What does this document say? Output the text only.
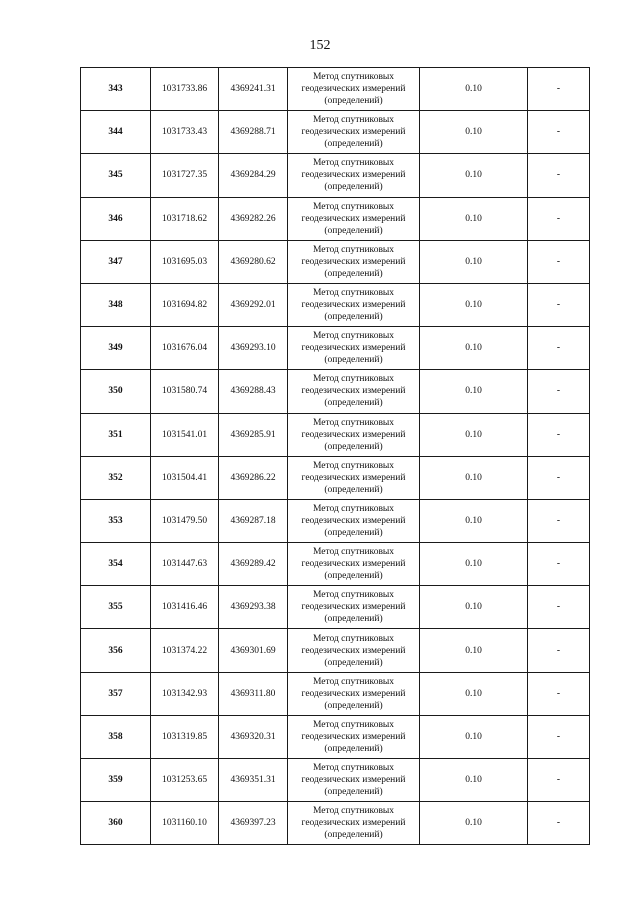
152
343	1031733.86	4369241.31	Метод спутниковых
геодезических измерений
(определений)	0.10	-
344	1031733.43	4369288.71	Метод спутниковых
геодезических измерений
(определений)	0.10	-
345	1031727.35	4369284.29	Метод спутниковых
геодезических измерений
(определений)	0.10	-
346	1031718.62	4369282.26	Метод спутниковых
геодезических измерений
(определений)	0.10	-
347	1031695.03	4369280.62	Метод спутниковых
геодезических измерений
(определений)	0.10	-
348	1031694.82	4369292.01	Метод спутниковых
геодезических измерений
(определений)	0.10	-
349	1031676.04	4369293.10	Метод спутниковых
геодезических измерений
(определений)	0.10	-
350	1031580.74	4369288.43	Метод спутниковых
геодезических измерений
(определений)	0.10	-
351	1031541.01	4369285.91	Метод спутниковых
геодезических измерений
(определений)	0.10	-
352	1031504.41	4369286.22	Метод спутниковых
геодезических измерений
(определений)	0.10	-
353	1031479.50	4369287.18	Метод спутниковых
геодезических измерений
(определений)	0.10	-
354	1031447.63	4369289.42	Метод спутниковых
геодезических измерений
(определений)	0.10	-
355	1031416.46	4369293.38	Метод спутниковых
геодезических измерений
(определений)	0.10	-
356	1031374.22	4369301.69	Метод спутниковых
геодезических измерений
(определений)	0.10	-
357	1031342.93	4369311.80	Метод спутниковых
геодезических измерений
(определений)	0.10	-
358	1031319.85	4369320.31	Метод спутниковых
геодезических измерений
(определений)	0.10	-
359	1031253.65	4369351.31	Метод спутниковых
геодезических измерений
(определений)	0.10	-
360	1031160.10	4369397.23	Метод спутниковых
геодезических измерений
(определений)	0.10	-
